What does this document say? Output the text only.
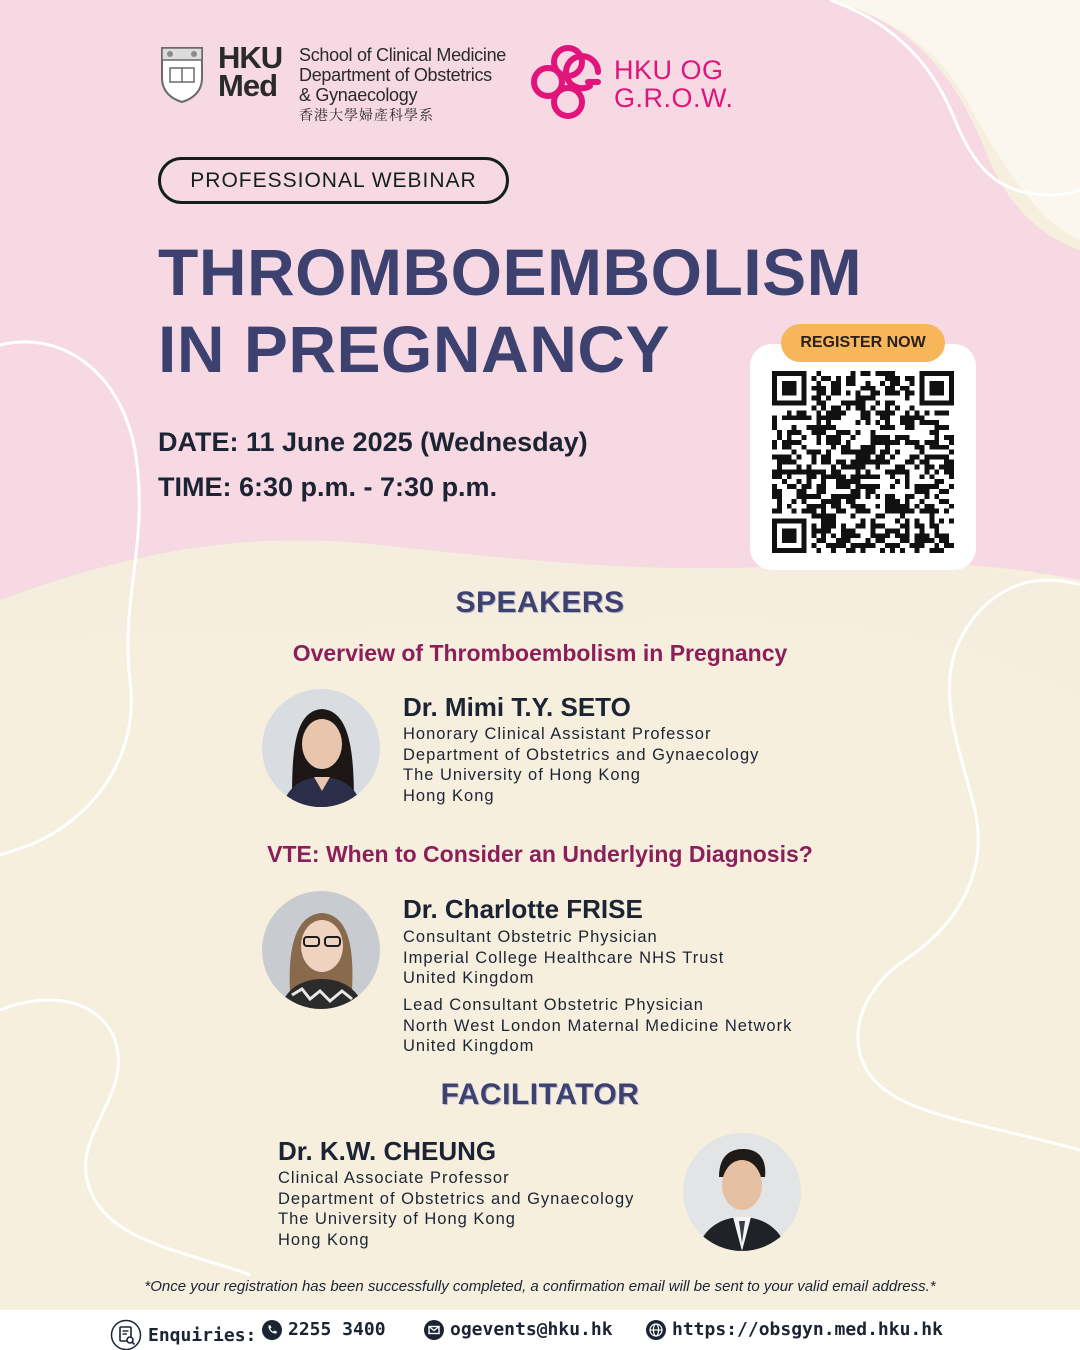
HKU
Med
School of Clinical Medicine
Department of Obstetrics
& Gynaecology
香港大學婦產科學系
HKU OG
G.R.O.W.
PROFESSIONAL WEBINAR
THROMBOEMBOLISM
IN PREGNANCY
DATE: 11 June 2025 (Wednesday)
TIME: 6:30 p.m. - 7:30 p.m.
REGISTER NOW
SPEAKERS
Overview of Thromboembolism in Pregnancy
Dr. Mimi T.Y. SETO
Honorary Clinical Assistant Professor
Department of Obstetrics and Gynaecology
The University of Hong Kong
Hong Kong
VTE: When to Consider an Underlying Diagnosis?
Dr. Charlotte FRISE
Consultant Obstetric Physician
Imperial College Healthcare NHS Trust
United Kingdom
Lead Consultant Obstetric Physician
North West London Maternal Medicine Network
United Kingdom
FACILITATOR
Dr. K.W. CHEUNG
Clinical Associate Professor
Department of Obstetrics and Gynaecology
The University of Hong Kong
Hong Kong
*Once your registration has been successfully completed, a confirmation email will be sent to your valid email address.*
Enquiries: 2255 3400	ogevents@hku.hk	https://obsgyn.med.hku.hk
